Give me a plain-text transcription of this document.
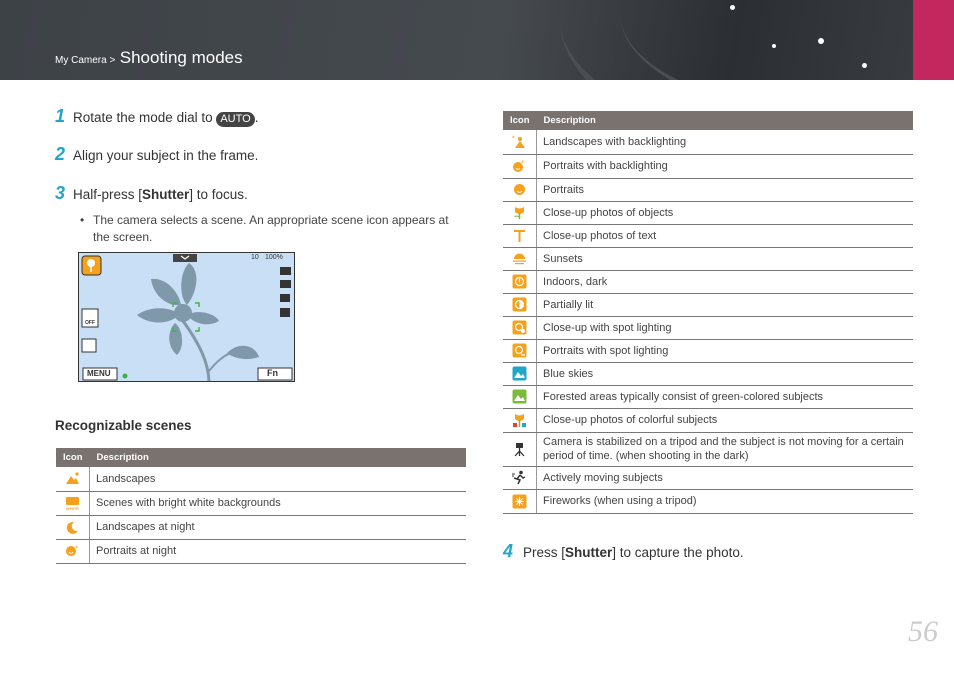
My Camera > Shooting modes
1 Rotate the mode dial to AUTO .
2 Align your subject in the frame.
3 Half-press [Shutter] to focus.
• The camera selects a scene. An appropriate scene icon appears at the screen.
10 100%
OFF
MENU	Fn
Recognizable scenes
Icon	Description
	Landscapes

WHITE	Scenes with bright white backgrounds

*	Landscapes at night

*	Portraits at night
Icon	Description

*	Landscapes with backlighting

*	Portraits with backlighting
	Portraits
	Close-up photos of objects
	Close-up photos of text
	Sunsets
	Indoors, dark
	Partially lit
	Close-up with spot lighting
	Portraits with spot lighting
	Blue skies
	Forested areas typically consist of green-colored subjects
	Close-up photos of colorful subjects
	Camera is stabilized on a tripod and the subject is not moving for a certain period of time. (when shooting in the dark)
	Actively moving subjects
	Fireworks (when using a tripod)
4 Press [Shutter] to capture the photo.
56
